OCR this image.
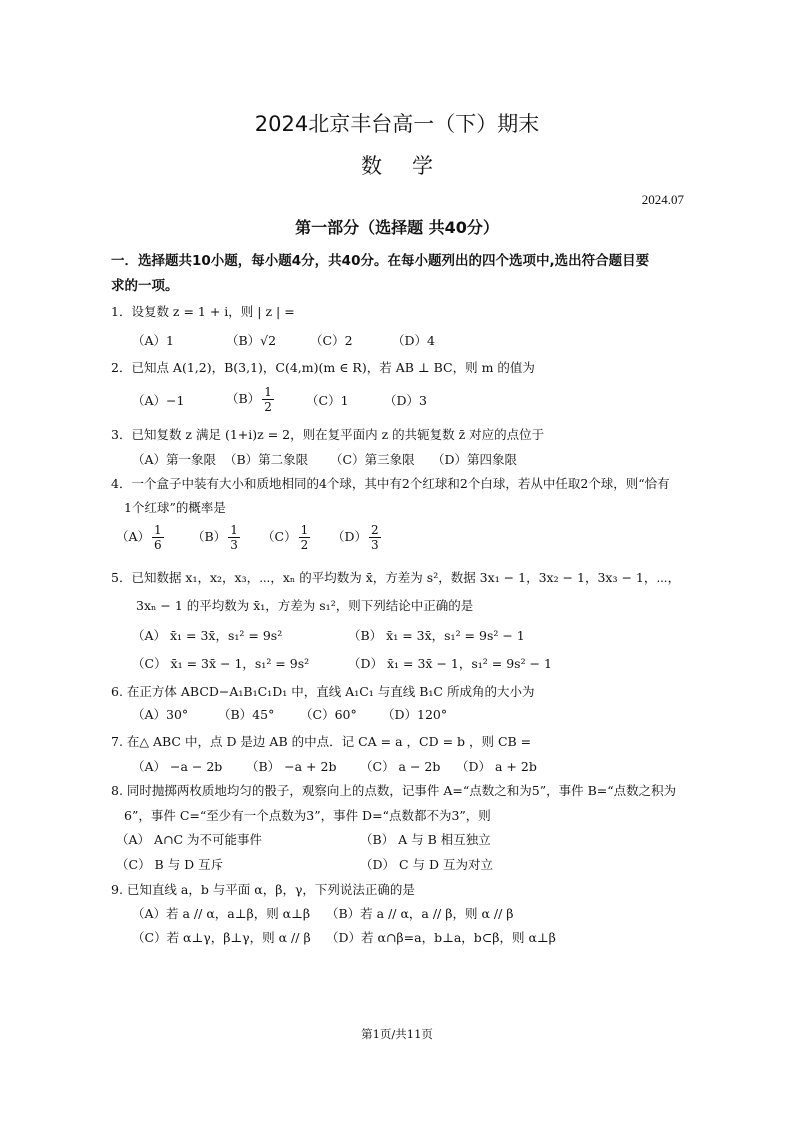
2024北京丰台高一（下）期末
数学
2024.07
第一部分（选择题 共40分）
一．选择题共10小题，每小题4分，共40分。在每小题列出的四个选项中,选出符合题目要
求的一项。
1．设复数 z = 1 + i，则 | z | =
（A）1	（B）√2	（C）2	（D）4
2．已知点 A(1,2)，B(3,1)，C(4,m)(m ∈ R)，若 AB ⊥ BC，则 m 的值为
（A）−1	$(B) \frac{1}{2}$	（C）1	（D）3
3．已知复数 z 满足 (1+i)z = 2，则在复平面内 z 的共轭复数 z̄ 对应的点位于
（A）第一象限 （B）第二象限 （C）第三象限 （D）第四象限
4．一个盒子中装有大小和质地相同的4个球，其中有2个红球和2个白球，若从中任取2个球，则“恰有
1个红球”的概率是
$(A) \frac{1}{6} (B) \frac{1}{3} (C) \frac{1}{2} (D) \frac{2}{3}$
5．已知数据 x₁，x₂，x₃，⋯，xₙ 的平均数为 x̄，方差为 s²，数据 3x₁ − 1，3x₂ − 1，3x₃ − 1，⋯，
3xₙ − 1 的平均数为 x̄₁，方差为 s₁²，则下列结论中正确的是
（A） x̄₁ = 3x̄，s₁² = 9s²	（B） x̄₁ = 3x̄，s₁² = 9s² − 1
（C） x̄₁ = 3x̄ − 1，s₁² = 9s²	（D） x̄₁ = 3x̄ − 1，s₁² = 9s² − 1
6. 在正方体 ABCD−A₁B₁C₁D₁ 中，直线 A₁C₁ 与直线 B₁C 所成角的大小为
（A）30° （B）45° （C）60° （D）120°
7. 在△ ABC 中，点 D 是边 AB 的中点．记 CA = a ，CD = b ，则 CB =
（A） −a − 2b （B） −a + 2b （C） a − 2b （D） a + 2b
8. 同时抛掷两枚质地均匀的骰子，观察向上的点数，记事件 A=“点数之和为5”，事件 B=“点数之积为
6”，事件 C=“至少有一个点数为3”，事件 D=“点数都不为3”，则
（A） A∩C 为不可能事件	（B） A 与 B 相互独立
（C） B 与 D 互斥	（D） C 与 D 互为对立
9. 已知直线 a，b 与平面 α，β，γ，下列说法正确的是
（A）若 a // α，a⊥β，则 α⊥β （B）若 a // α，a // β，则 α // β
（C）若 α⊥γ，β⊥γ，则 α // β （D）若 α∩β=a，b⊥a，b⊂β，则 α⊥β
第1页/共11页
